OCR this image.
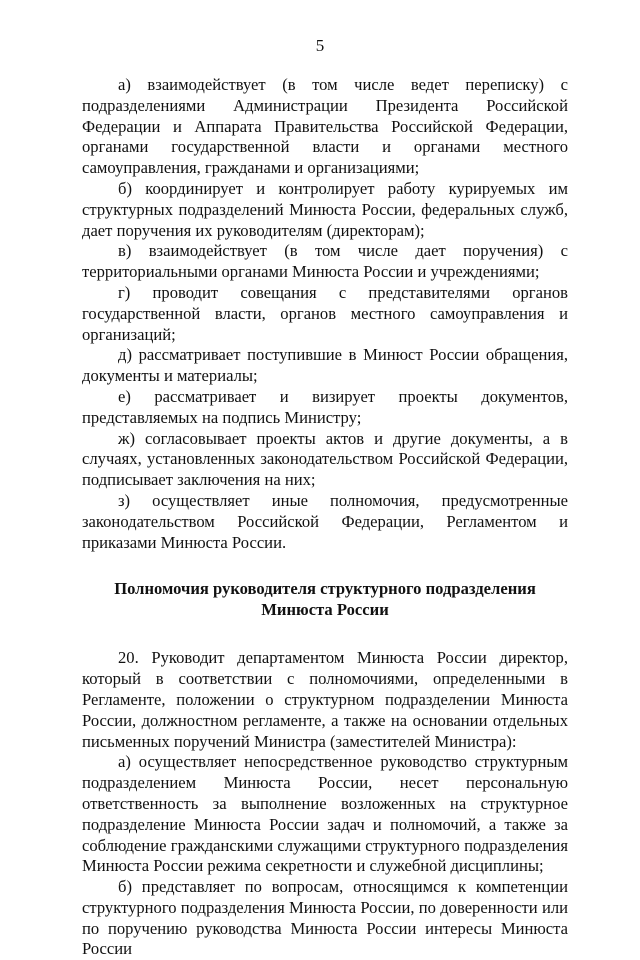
5

а) взаимодействует (в том числе ведет переписку) с подразделениями Администрации Президента Российской Федерации и Аппарата Правительства Российской Федерации, органами государственной власти и органами местного самоуправления, гражданами и организациями;

б) координирует и контролирует работу курируемых им структурных подразделений Минюста России, федеральных служб, дает поручения их руководителям (директорам);

в) взаимодействует (в том числе дает поручения) с территориальными органами Минюста России и учреждениями;

г) проводит совещания с представителями органов государственной власти, органов местного самоуправления и организаций;

д) рассматривает поступившие в Минюст России обращения, документы и материалы;

е) рассматривает и визирует проекты документов, представляемых на подпись Министру;

ж) согласовывает проекты актов и другие документы, а в случаях, установленных законодательством Российской Федерации, подписывает заключения на них;

з) осуществляет иные полномочия, предусмотренные законодательством Российской Федерации, Регламентом и приказами Минюста России.

Полномочия руководителя структурного подразделения
Минюста России

20. Руководит департаментом Минюста России директор, который в соответствии с полномочиями, определенными в Регламенте, положении о структурном подразделении Минюста России, должностном регламенте, а также на основании отдельных письменных поручений Министра (заместителей Министра):

а) осуществляет непосредственное руководство структурным подразделением Минюста России, несет персональную ответственность за выполнение возложенных на структурное подразделение Минюста России задач и полномочий, а также за соблюдение гражданскими служащими структурного подразделения Минюста России режима секретности и служебной дисциплины;

б) представляет по вопросам, относящимся к компетенции структурного подразделения Минюста России, по доверенности или по поручению руководства Минюста России интересы Минюста России
